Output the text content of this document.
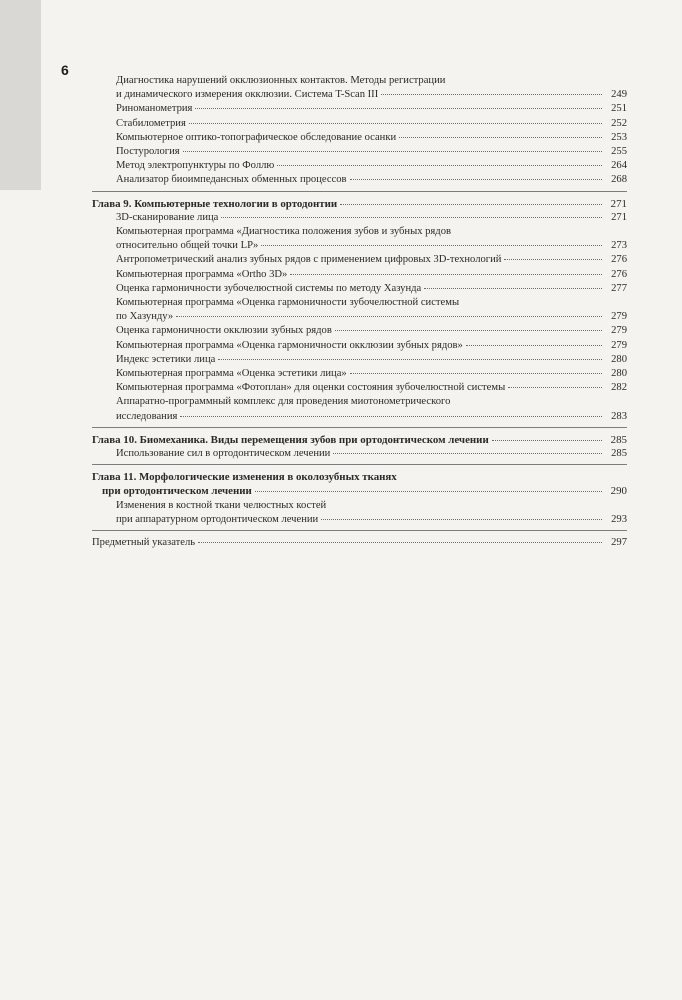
6
Диагностика нарушений окклюзионных контактов. Методы регистрации
и динамического измерения окклюзии. Система T-Scan III	249
Риноманометрия	251
Стабилометрия	252
Компьютерное оптико-топографическое обследование осанки	253
Постурология	255
Метод электропунктуры по Фоллю	264
Анализатор биоимпедансных обменных процессов	268
Глава 9. Компьютерные технологии в ортодонтии	271
3D-сканирование лица	271
Компьютерная программа «Диагностика положения зубов и зубных рядов
относительно общей точки LP»	273
Антропометрический анализ зубных рядов с применением цифровых 3D-технологий	276
Компьютерная программа «Ortho 3D»	276
Оценка гармоничности зубочелюстной системы по методу Хазунда	277
Компьютерная программа «Оценка гармоничности зубочелюстной системы
по Хазунду»	279
Оценка гармоничности окклюзии зубных рядов	279
Компьютерная программа «Оценка гармоничности окклюзии зубных рядов»	279
Индекс эстетики лица	280
Компьютерная программа «Оценка эстетики лица»	280
Компьютерная программа «Фотоплан» для оценки состояния зубочелюстной системы	282
Аппаратно-программный комплекс для проведения миотонометрического
исследования	283
Глава 10. Биомеханика. Виды перемещения зубов при ортодонтическом лечении	285
Использование сил в ортодонтическом лечении	285
Глава 11. Морфологические изменения в околозубных тканях
при ортодонтическом лечении	290
Изменения в костной ткани челюстных костей
при аппаратурном ортодонтическом лечении	293
Предметный указатель	297
